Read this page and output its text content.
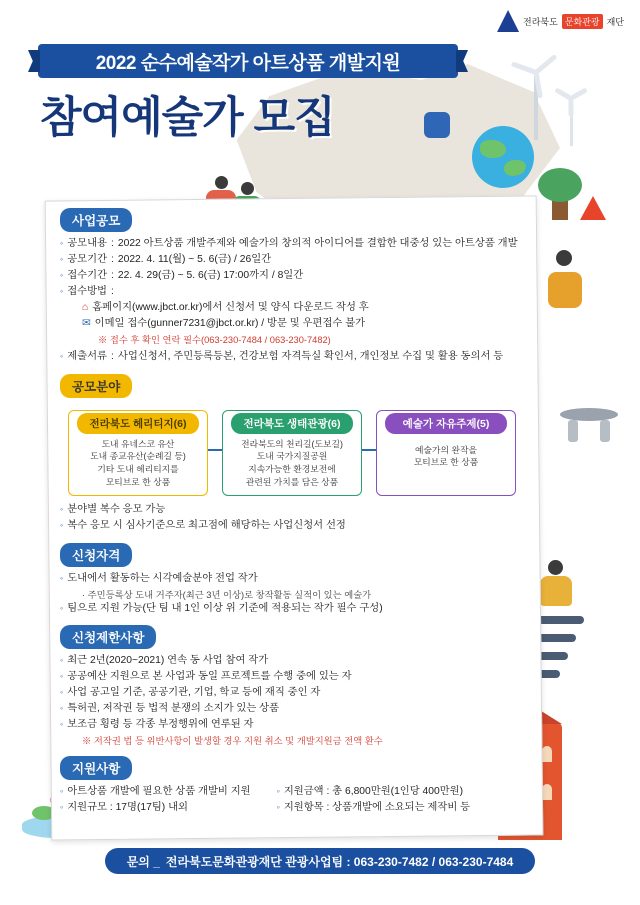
전라북도 문화관광 재단
2022 순수예술작가 아트상품 개발지원
참여예술가 모집
사업공모
◦
공모내용 : 2022 아트상품 개발주제와 예술가의 창의적 아이디어를 결합한 대중성 있는 아트상품 개발
◦
공모기간 : 2022. 4. 11(월) ~ 5. 6(금) / 26일간
◦
접수기간 : 22. 4. 29(금) ~ 5. 6(금) 17:00까지 / 8일간
◦
접수방법 :
⌂ 홈페이지(www.jbct.or.kr)에서 신청서 및 양식 다운로드 작성 후
✉ 이메일 접수(gunner7231@jbct.or.kr) / 방문 및 우편접수 불가
※ 접수 후 확인 연락 필수(063-230-7484 / 063-230-7482)
◦
제출서류 : 사업신청서, 주민등록등본, 건강보험 자격득실 확인서, 개인정보 수집 및 활용 동의서 등
공모분야
전라북도 헤리티지(6)
도내 유네스코 유산
도내 종교유산(순례길 등)
기타 도내 헤리티지를
모티브로 한 상품
전라북도 생태관광(6)
전라북도의 천리길(도보길)
도내 국가지질공원
지속가능한 환경보전에
관련된 가치를 담은 상품
예술가 자유주제(5)
예술가의 완작을
모티브로 한 상품
◦
분야별 복수 응모 가능
◦
복수 응모 시 심사기준으로 최고점에 해당하는 사업신청서 선정
신청자격
◦
도내에서 활동하는 시각예술분야 전업 작가
· 주민등록상 도내 거주자(최근 3년 이상)로 창작활동 실적이 있는 예술가
◦
팀으로 지원 가능(단 팀 내 1인 이상 위 기준에 적용되는 작가 필수 구성)
신청제한사항
◦
최근 2년(2020~2021) 연속 동 사업 참여 작가
◦
공공예산 지원으로 본 사업과 동일 프로젝트를 수행 중에 있는 자
◦
사업 공고일 기준, 공공기관, 기업, 학교 등에 재직 중인 자
◦
특허권, 저작권 등 법적 분쟁의 소지가 있는 상품
◦
보조금 횡령 등 각종 부정행위에 연루된 자
※ 저작권 법 등 위반사항이 발생할 경우 지원 취소 및 개발지원금 전액 환수
지원사항
◦
아트상품 개발에 필요한 상품 개발비 지원
◦
지원규모 : 17명(17팀) 내외
◦
지원금액 : 총 6,800만원(1인당 400만원)
◦
지원항목 : 상품개발에 소요되는 제작비 등
문의 _ 전라북도문화관광재단 관광사업팀 : 063-230-7482 / 063-230-7484
